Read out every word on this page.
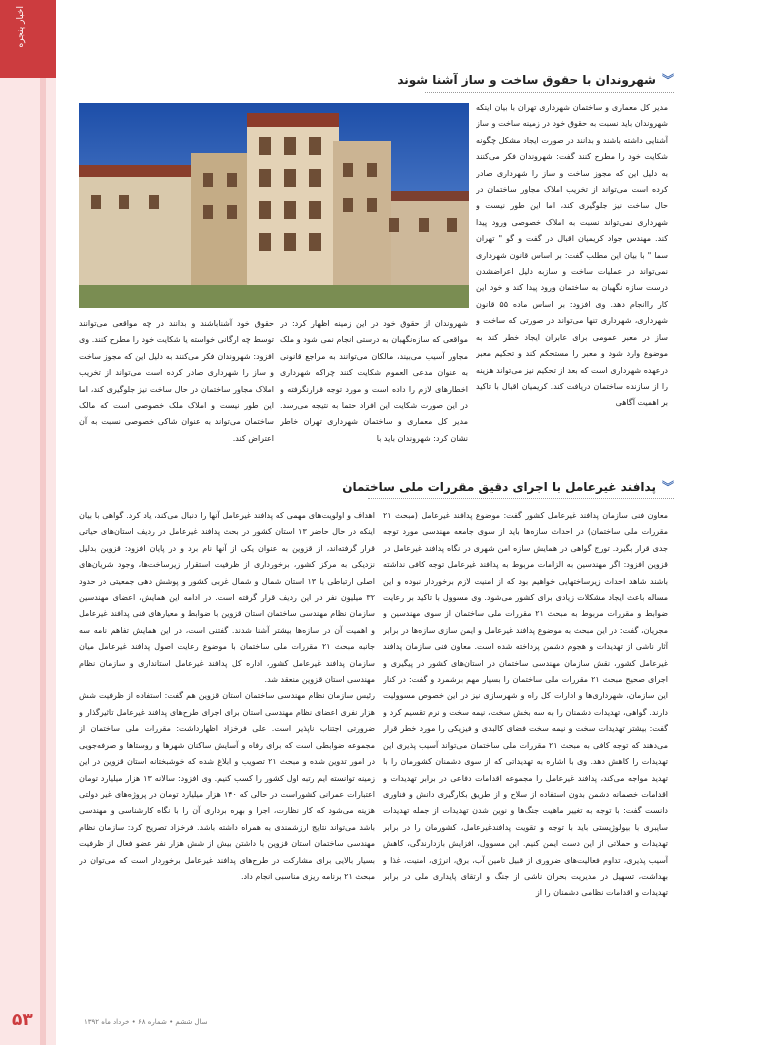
اخبار پنجره
︾
شهروندان با حقوق ساخت و ساز آشنا شوند

مدیر کل معماری و ساختمان شهرداری تهران با بیان اینکه شهروندان باید نسبت به حقوق خود در زمینه ساخت و ساز آشنایی داشته باشند و بدانند در صورت ایجاد مشکل چگونه شکایت خود را مطرح کنند گفت: شهروندان فکر می‌کنند به دلیل این که مجوز ساخت و ساز را شهرداری صادر کرده است می‌تواند از تخریب املاک مجاور ساختمان در حال ساخت نیز جلوگیری کند، اما این طور نیست و شهرداری نمی‌تواند نسبت به املاک خصوصی ورود پیدا کند. مهندس جواد کریمیان اقبال در گفت و گو " تهران سما " با بیان این مطلب گفت: بر اساس قانون شهرداری نمی‌تواند در عملیات ساخت و سازبه دلیل اعراضشدن درست سازه نگهبان به ساختمان ورود پیدا کند و خود این کار راانجام دهد. وی افزود: بر اساس ماده ۵۵ قانون شهرداری، شهرداری تنها می‌تواند در صورتی که ساخت و ساز در معبر عمومی برای عابران ایجاد خطر کند به موضوع وارد شود و معبر را مستحکم کند و تحکیم معبر درعهده شهرداری است که بعد از تحکیم نیز می‌تواند هزینه را از سازنده ساختمان دریافت کند. کریمیان اقبال با تاکید بر اهمیت آگاهی

شهروندان از حقوق خود در این زمینه اظهار کرد: در مواقعی که سازه‌نگهبان به درستی انجام نمی شود و ملک مجاور آسیب می‌بیند، مالکان می‌توانند به مراجع قانونی به عنوان مدعی العموم شکایت کنند چراکه شهرداری اخطارهای لازم را داده است و مورد توجه قرارنگرفته و در این صورت شکایت این افراد حتما به نتیجه می‌رسد. مدیر کل معماری و ساختمان شهرداری تهران خاطر نشان کرد: شهروندان باید با

حقوق خود آشناباشند و بدانند در چه مواقعی می‌توانند توسط چه ارگانی خواسته یا شکایت خود را مطرح کنند. وی افزود: شهروندان فکر می‌کنند به دلیل این که مجوز ساخت و ساز را شهرداری صادر کرده است می‌تواند از تخریب املاک مجاور ساختمان در حال ساخت نیز جلوگیری کند، اما این طور نیست و املاک ملک خصوصی است که مالک ساختمان می‌تواند به عنوان شاکی خصوصی نسبت به آن اعتراض کند.

︾
پدافند غیرعامل با اجرای دقیق مقررات ملی ساختمان

معاون فنی سازمان پدافند غیرعامل کشور گفت: موضوع پدافند غیرعامل (مبحث ۲۱ مقررات ملی ساختمان) در احداث سازه‌ها باید از سوی جامعه مهندسی مورد توجه جدی قرار بگیرد. تورج گواهی در همایش سازه امن شهری در نگاه پدافند غیرعامل در قزوین افزود: اگر مهندسین به الزامات مربوط به پدافند غیرعامل توجه کافی نداشته باشند شاهد احداث زیرساختهایی خواهیم بود که از امنیت لازم برخوردار نبوده و این مساله باعث ایجاد مشکلات زیادی برای کشور می‌شود. وی مسوول با تاکید بر رعایت ضوابط و مقررات مربوط به مبحث ۲۱ مقررات ملی ساختمان از سوی مهندسین و مجریان، گفت: در این مبحث به موضوع پدافند غیرعامل و ایمن سازی سازه‌ها در برابر آثار ناشی از تهدیدات و هجوم دشمن پرداخته شده است. معاون فنی سازمان پدافند غیرعامل کشور، نقش سازمان مهندسی ساختمان در استان‌های کشور در پیگیری و اجرای صحیح مبحث ۲۱ مقررات ملی ساختمان را بسیار مهم برشمرد و گفت: در کنار این سازمان، شهرداری‌ها و ادارات کل راه و شهرسازی نیز در این خصوص مسوولیت دارند. گواهی، تهدیدات دشمنان را به سه بخش سخت، نیمه سخت و نرم تقسیم کرد و گفت: بیشتر تهدیدات سخت و نیمه سخت فضای کالبدی و فیزیکی را مورد خطر قرار می‌دهند که توجه کافی به مبحث ۲۱ مقررات ملی ساختمان می‌تواند آسیب پذیری این تهدیدات را کاهش دهد. وی با اشاره به تهدیداتی که از سوی دشمنان کشورمان را با تهدید مواجه می‌کند، پدافند غیرعامل را مجموعه اقدامات دفاعی در برابر تهدیدات و اقدامات خصمانه دشمن بدون استفاده از سلاح و از طریق بکارگیری دانش و فناوری دانست گفت: با توجه به تغییر ماهیت جنگ‌ها و نوین شدن تهدیدات از جمله تهدیدات سایبری با بیولوژیستی باید با توجه و تقویت پدافندغیرعامل، کشورمان را در برابر تهدیدات و حملاتی از این دست ایمن کنیم. این مسوول، افزایش بازدارندگی، کاهش آسیب پذیری، تداوم فعالیت‌های ضروری از قبیل تامین آب، برق، انرژی، امنیت، غذا و بهداشت، تسهیل در مدیریت بحران ناشی از جنگ و ارتقای پایداری ملی در برابر تهدیدات و اقدامات نظامی دشمنان را از

اهداف و اولویت‌های مهمی که پدافند غیرعامل آنها را دنبال می‌کند، یاد کرد. گواهی با بیان اینکه در حال حاضر ۱۳ استان کشور در بحث پدافند غیرعامل در ردیف استان‌های حیاتی قرار گرفته‌اند، از قزوین به عنوان یکی از آنها نام برد و در پایان افزود: قزوین بدلیل نزدیکی به مرکز کشور، برخورداری از ظرفیت استقرار زیرساخت‌ها، وجود شریان‌های اصلی ارتباطی با ۱۳ استان شمال و شمال غربی کشور و پوشش دهی جمعیتی در حدود ۳۲ میلیون نفر در این ردیف قرار گرفته است. در ادامه این همایش، اعضای مهندسین سازمان نظام مهندسی ساختمان استان قزوین با ضوابط و معیارهای فنی پدافند غیرعامل و اهمیت آن در سازه‌ها بیشتر آشنا شدند. گفتنی است، در این همایش تفاهم نامه سه جانبه مبحث ۲۱ مقررات ملی ساختمان با موضوع رعایت اصول پدافند غیرعامل میان سازمان پدافند غیرعامل کشور، اداره کل پدافند غیرعامل استانداری و سازمان نظام مهندسی استان قزوین منعقد شد.

رئیس سازمان نظام مهندسی ساختمان استان قزوین هم گفت: استفاده از ظرفیت شش هزار نفری اعضای نظام مهندسی استان برای اجرای طرح‌های پدافند غیرعامل تاثیرگذار و ضرورتی اجتناب ناپذیر است. علی فرخزاد اظهارداشت: مقررات ملی ساختمان از مجموعه ضوابطی است که برای رفاه و آسایش ساکنان شهرها و روستاها و صرفه‌جویی در امور تدوین شده و مبحث ۲۱ تصویب و ابلاغ شده که خوشبختانه استان قزوین در این زمینه توانسته ایم رتبه اول کشور را کسب کنیم. وی افزود: سالانه ۱۳ هزار میلیارد تومان اعتبارات عمرانی کشوراست در حالی که ۱۴۰ هزار میلیارد تومان در پروژه‌های غیر دولتی هزینه می‌شود که کار نظارت، اجرا و بهره برداری آن را با نگاه کارشناسی و مهندسی باشد می‌تواند نتایج ارزشمندی به همراه داشته باشد. فرخزاد تصریح کرد: سازمان نظام مهندسی ساختمان استان قزوین با داشتن بیش از شش هزار نفر عضو فعال از ظرفیت بسیار بالایی برای مشارکت در طرح‌های پدافند غیرعامل برخوردار است که می‌توان در مبحث ۲۱ برنامه ریزی مناسبی انجام داد.

۵۳	سال ششم • شماره ۶۸ • خرداد ماه ۱۳۹۲
